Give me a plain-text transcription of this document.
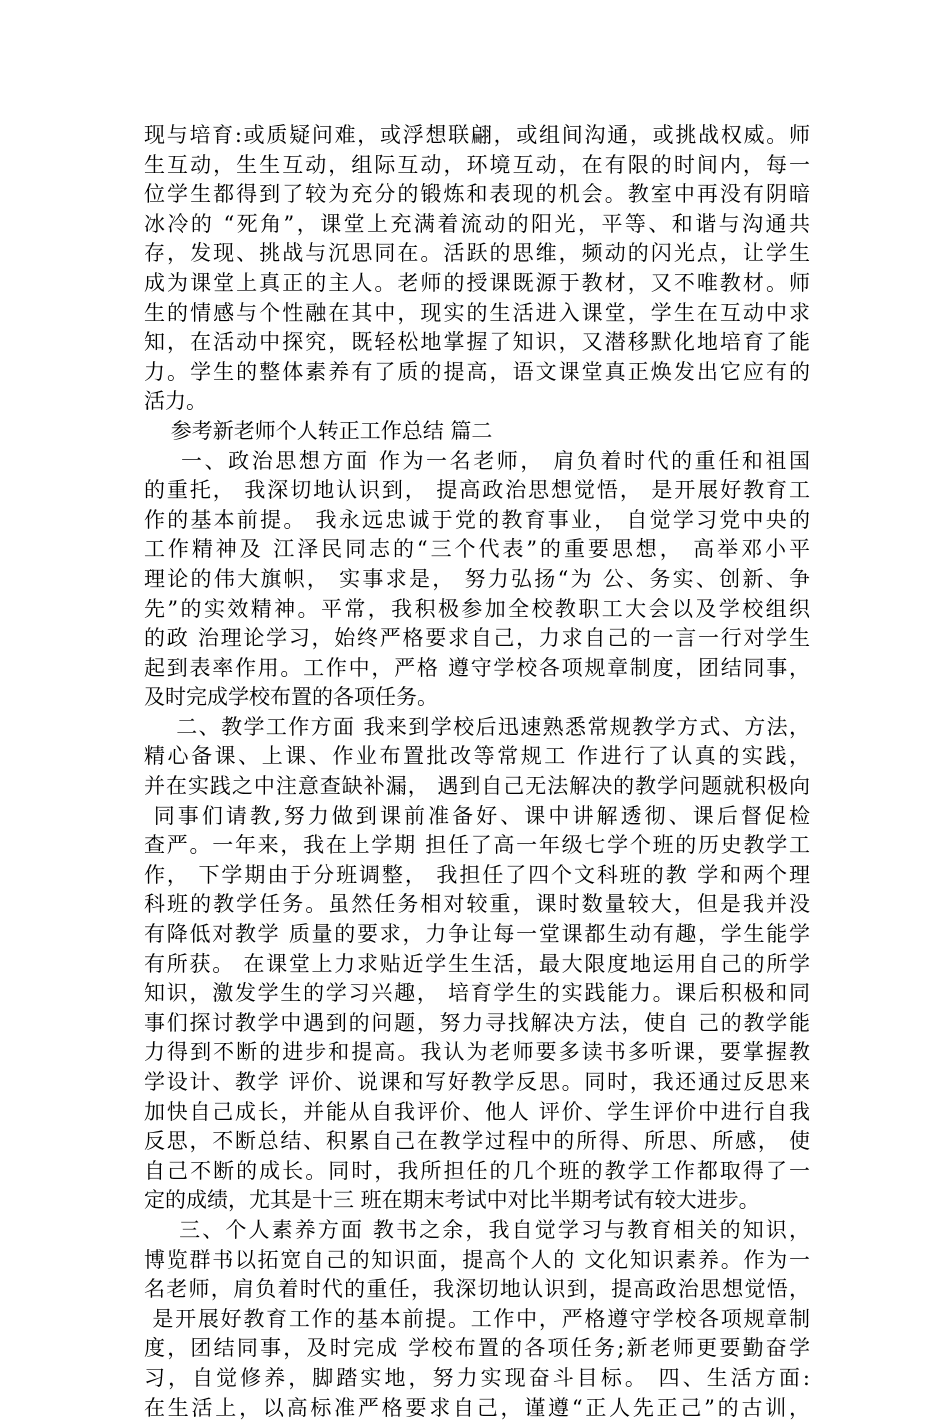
现与培育:或质疑问难，或浮想联翩，或组间沟通，或挑战权威。师
生互动，生生互动，组际互动，环境互动，在有限的时间内，每一
位学生都得到了较为充分的锻炼和表现的机会。教室中再没有阴暗
冰冷的 “死角”，课堂上充满着流动的阳光，平等、和谐与沟通共
存，发现、挑战与沉思同在。活跃的思维，频动的闪光点，让学生
成为课堂上真正的主人。老师的授课既源于教材，又不唯教材。师
生的情感与个性融在其中，现实的生活进入课堂，学生在互动中求
知，在活动中探究，既轻松地掌握了知识，又潜移默化地培育了能
力。学生的整体素养有了质的提高，语文课堂真正焕发出它应有的
活力。
参考新老师个人转正工作总结 篇二
一、政治思想方面 作为一名老师， 肩负着时代的重任和祖国
的重托， 我深切地认识到， 提高政治思想觉悟， 是开展好教育工
作的基本前提。 我永远忠诚于党的教育事业， 自觉学习党中央的
工作精神及 江泽民同志的“三个代表”的重要思想， 高举邓小平
理论的伟大旗帜， 实事求是， 努力弘扬“为 公、务实、创新、争
先”的实效精神。平常，我积极参加全校教职工大会以及学校组织
的政 治理论学习，始终严格要求自己，力求自己的一言一行对学生
起到表率作用。工作中，严格 遵守学校各项规章制度，团结同事，
及时完成学校布置的各项任务。
二、教学工作方面 我来到学校后迅速熟悉常规教学方式、方法，
精心备课、上课、作业布置批改等常规工 作进行了认真的实践，
并在实践之中注意查缺补漏， 遇到自己无法解决的教学问题就积极向
同事们请教,努力做到课前准备好、课中讲解透彻、课后督促检
查严。一年来，我在上学期 担任了高一年级七学个班的历史教学工
作， 下学期由于分班调整， 我担任了四个文科班的教 学和两个理
科班的教学任务。虽然任务相对较重，课时数量较大，但是我并没
有降低对教学 质量的要求，力争让每一堂课都生动有趣，学生能学
有所获。 在课堂上力求贴近学生生活，最大限度地运用自己的所学
知识，激发学生的学习兴趣， 培育学生的实践能力。课后积极和同
事们探讨教学中遇到的问题，努力寻找解决方法，使自 己的教学能
力得到不断的进步和提高。我认为老师要多读书多听课，要掌握教
学设计、教学 评价、说课和写好教学反思。同时，我还通过反思来
加快自己成长，并能从自我评价、他人 评价、学生评价中进行自我
反思，不断总结、积累自己在教学过程中的所得、所思、所感， 使
自己不断的成长。同时，我所担任的几个班的教学工作都取得了一
定的成绩，尤其是十三 班在期末考试中对比半期考试有较大进步。
三、个人素养方面 教书之余，我自觉学习与教育相关的知识，
博览群书以拓宽自己的知识面，提高个人的 文化知识素养。作为一
名老师，肩负着时代的重任，我深切地认识到，提高政治思想觉悟，
是开展好教育工作的基本前提。工作中，严格遵守学校各项规章制
度，团结同事，及时完成 学校布置的各项任务;新老师更要勤奋学
习，自觉修养，脚踏实地，努力实现奋斗目标。 四、生活方面:
在生活上，以高标准严格要求自己，谨遵“正人先正己”的古训，
